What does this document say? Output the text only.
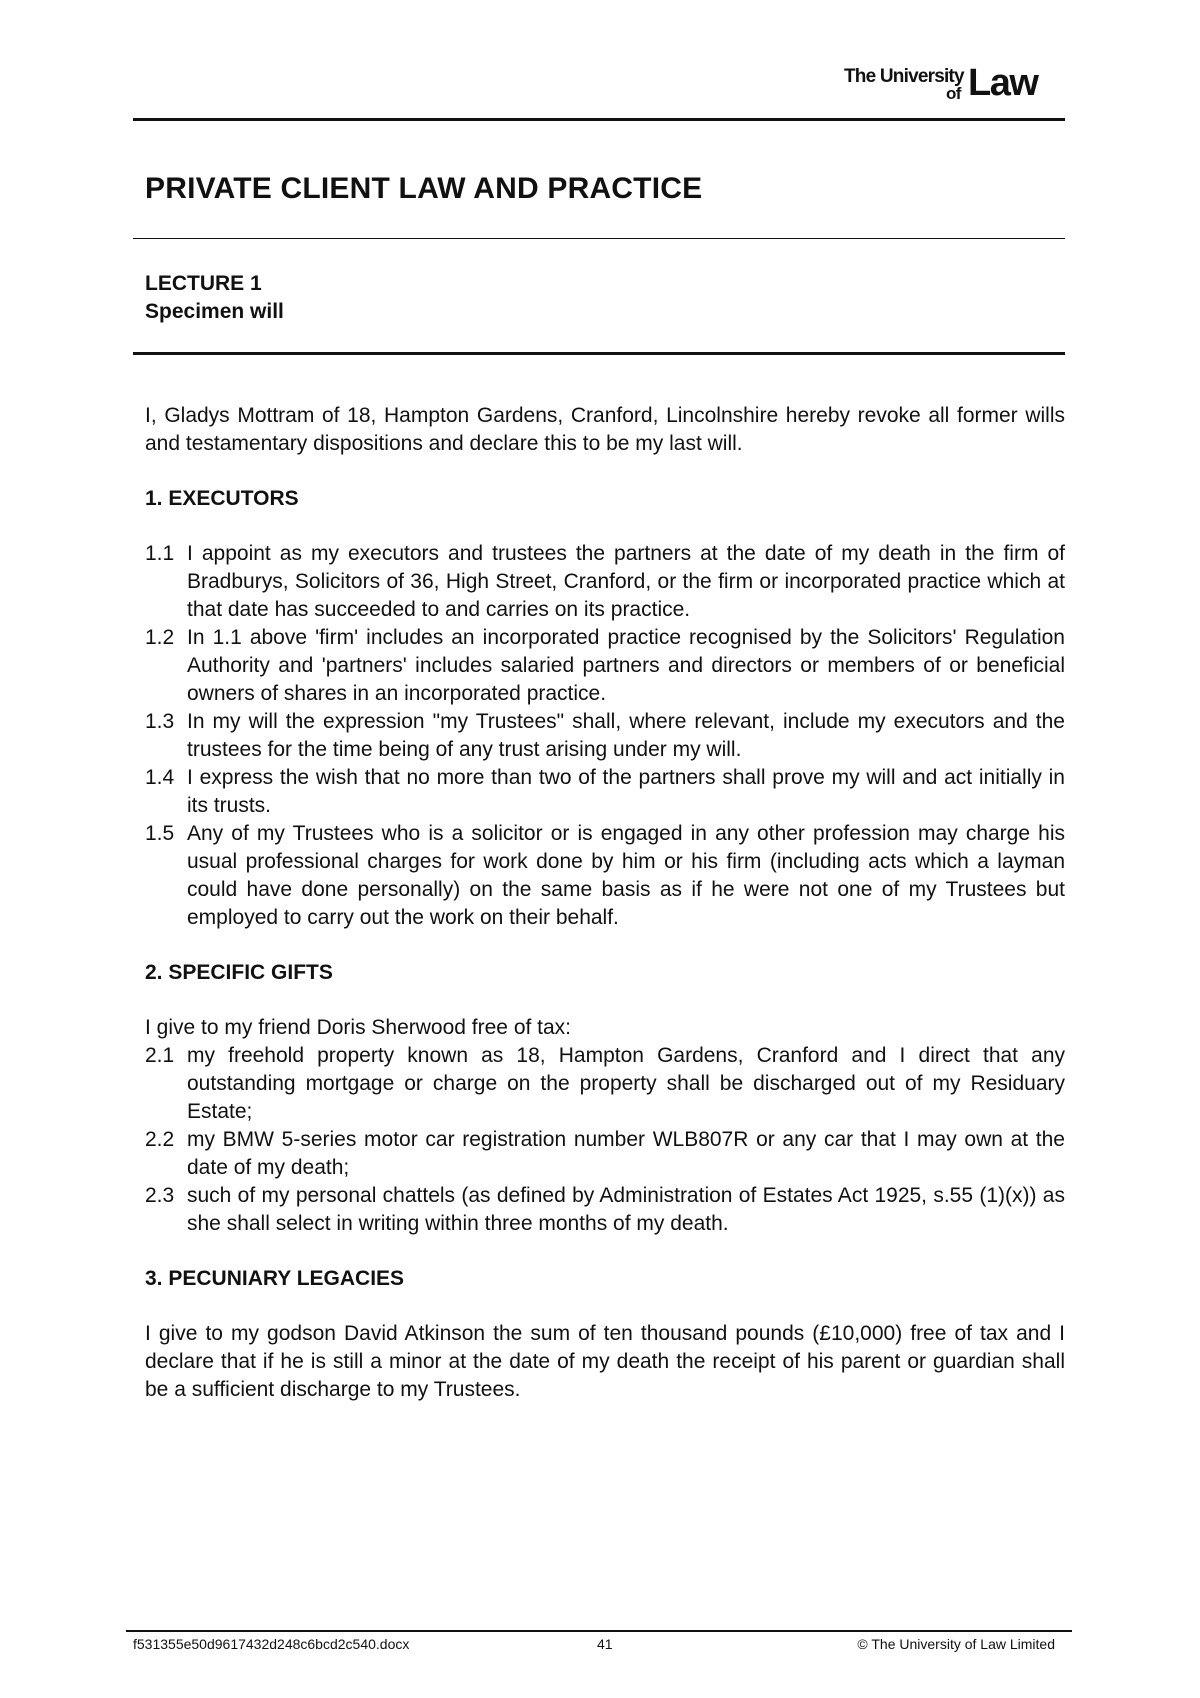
The University
of Law
PRIVATE CLIENT LAW AND PRACTICE
LECTURE 1
Specimen will

I, Gladys Mottram of 18, Hampton Gardens, Cranford, Lincolnshire hereby revoke all former wills and testamentary dispositions and declare this to be my last will.

1. EXECUTORS
1.1 I appoint as my executors and trustees the partners at the date of my death in the firm of Bradburys, Solicitors of 36, High Street, Cranford, or the firm or incorporated practice which at that date has succeeded to and carries on its practice.
1.2 In 1.1 above 'firm' includes an incorporated practice recognised by the Solicitors' Regulation Authority and 'partners' includes salaried partners and directors or members of or beneficial owners of shares in an incorporated practice.
1.3 In my will the expression "my Trustees" shall, where relevant, include my executors and the trustees for the time being of any trust arising under my will.
1.4 I express the wish that no more than two of the partners shall prove my will and act initially in its trusts.
1.5 Any of my Trustees who is a solicitor or is engaged in any other profession may charge his usual professional charges for work done by him or his firm (including acts which a layman could have done personally) on the same basis as if he were not one of my Trustees but employed to carry out the work on their behalf.
2. SPECIFIC GIFTS

I give to my friend Doris Sherwood free of tax:

2.1 my freehold property known as 18, Hampton Gardens, Cranford and I direct that any outstanding mortgage or charge on the property shall be discharged out of my Residuary Estate;
2.2 my BMW 5-series motor car registration number WLB807R or any car that I may own at the date of my death;
2.3 such of my personal chattels (as defined by Administration of Estates Act 1925, s.55 (1)(x)) as she shall select in writing within three months of my death.
3. PECUNIARY LEGACIES

I give to my godson David Atkinson the sum of ten thousand pounds (£10,000) free of tax and I declare that if he is still a minor at the date of my death the receipt of his parent or guardian shall be a sufficient discharge to my Trustees.

f531355e50d9617432d248c6bcd2c540.docx	41	© The University of Law Limited
